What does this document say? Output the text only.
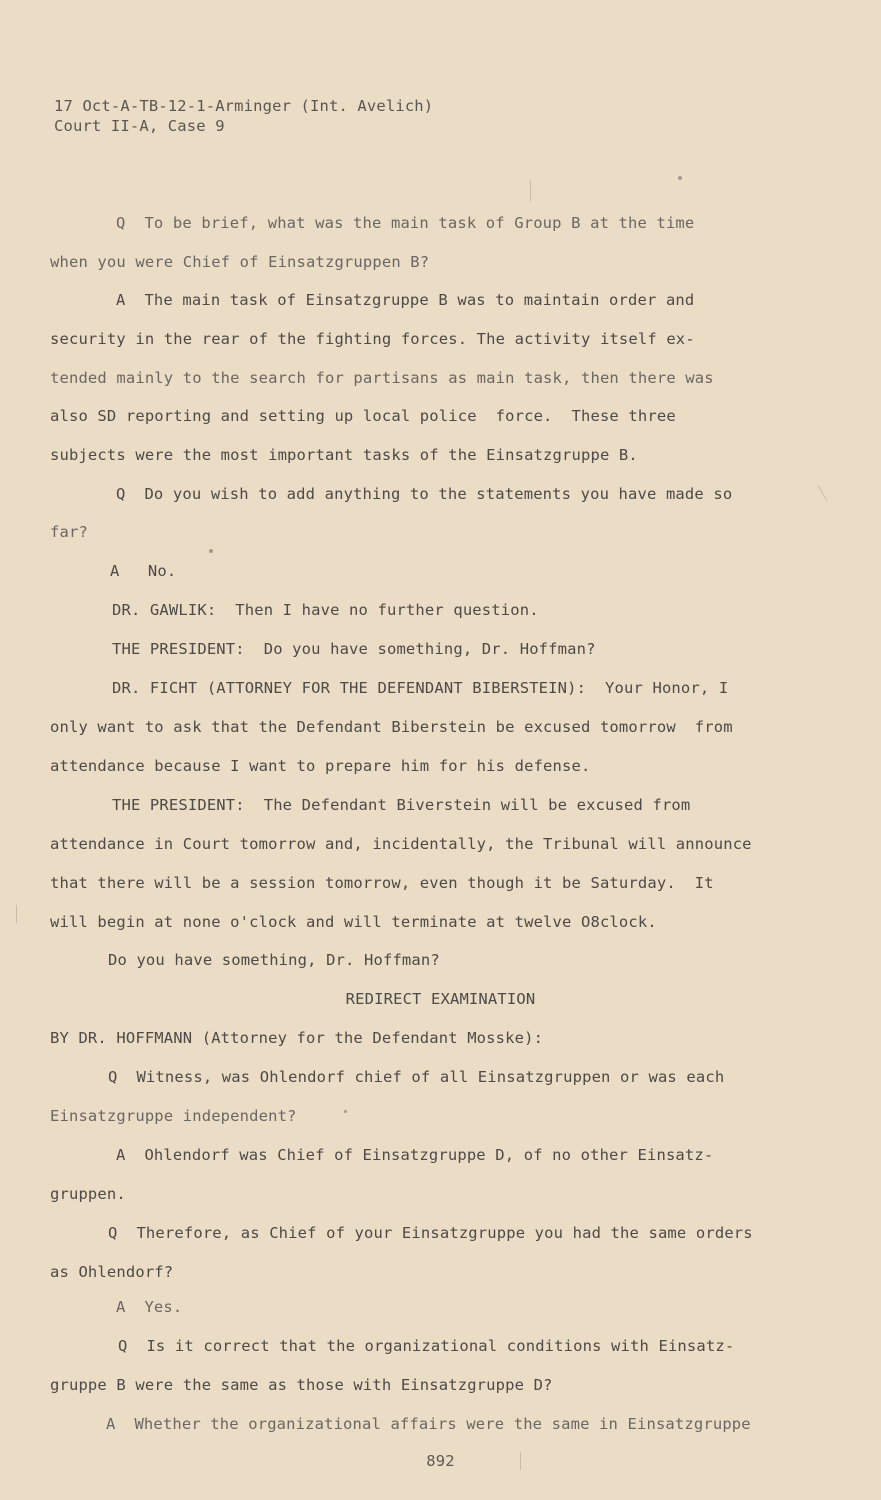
17 Oct-A-TB-12-1-Arminger (Int. Avelich)
Court II-A, Case 9
Q  To be brief, what was the main task of Group B at the time
when you were Chief of Einsatzgruppen B?
A  The main task of Einsatzgruppe B was to maintain order and
security in the rear of the fighting forces. The activity itself ex-
tended mainly to the search for partisans as main task, then there was
also SD reporting and setting up local police  force.  These three
subjects were the most important tasks of the Einsatzgruppe B.
Q  Do you wish to add anything to the statements you have made so
far?
A   No.
DR. GAWLIK:  Then I have no further question.
THE PRESIDENT:  Do you have something, Dr. Hoffman?
DR. FICHT (ATTORNEY FOR THE DEFENDANT BIBERSTEIN):  Your Honor, I
only want to ask that the Defendant Biberstein be excused tomorrow  from
attendance because I want to prepare him for his defense.
THE PRESIDENT:  The Defendant Biverstein will be excused from
attendance in Court tomorrow and, incidentally, the Tribunal will announce
that there will be a session tomorrow, even though it be Saturday.  It
will begin at none o'clock and will terminate at twelve O8clock.
Do you have something, Dr. Hoffman?
REDIRECT EXAMINATION
BY DR. HOFFMANN (Attorney for the Defendant Mosske):
Q  Witness, was Ohlendorf chief of all Einsatzgruppen or was each
Einsatzgruppe independent?
A  Ohlendorf was Chief of Einsatzgruppe D, of no other Einsatz-
gruppen.
Q  Therefore, as Chief of your Einsatzgruppe you had the same orders
as Ohlendorf?
A  Yes.
Q  Is it correct that the organizational conditions with Einsatz-
gruppe B were the same as those with Einsatzgruppe D?
A  Whether the organizational affairs were the same in Einsatzgruppe
892
